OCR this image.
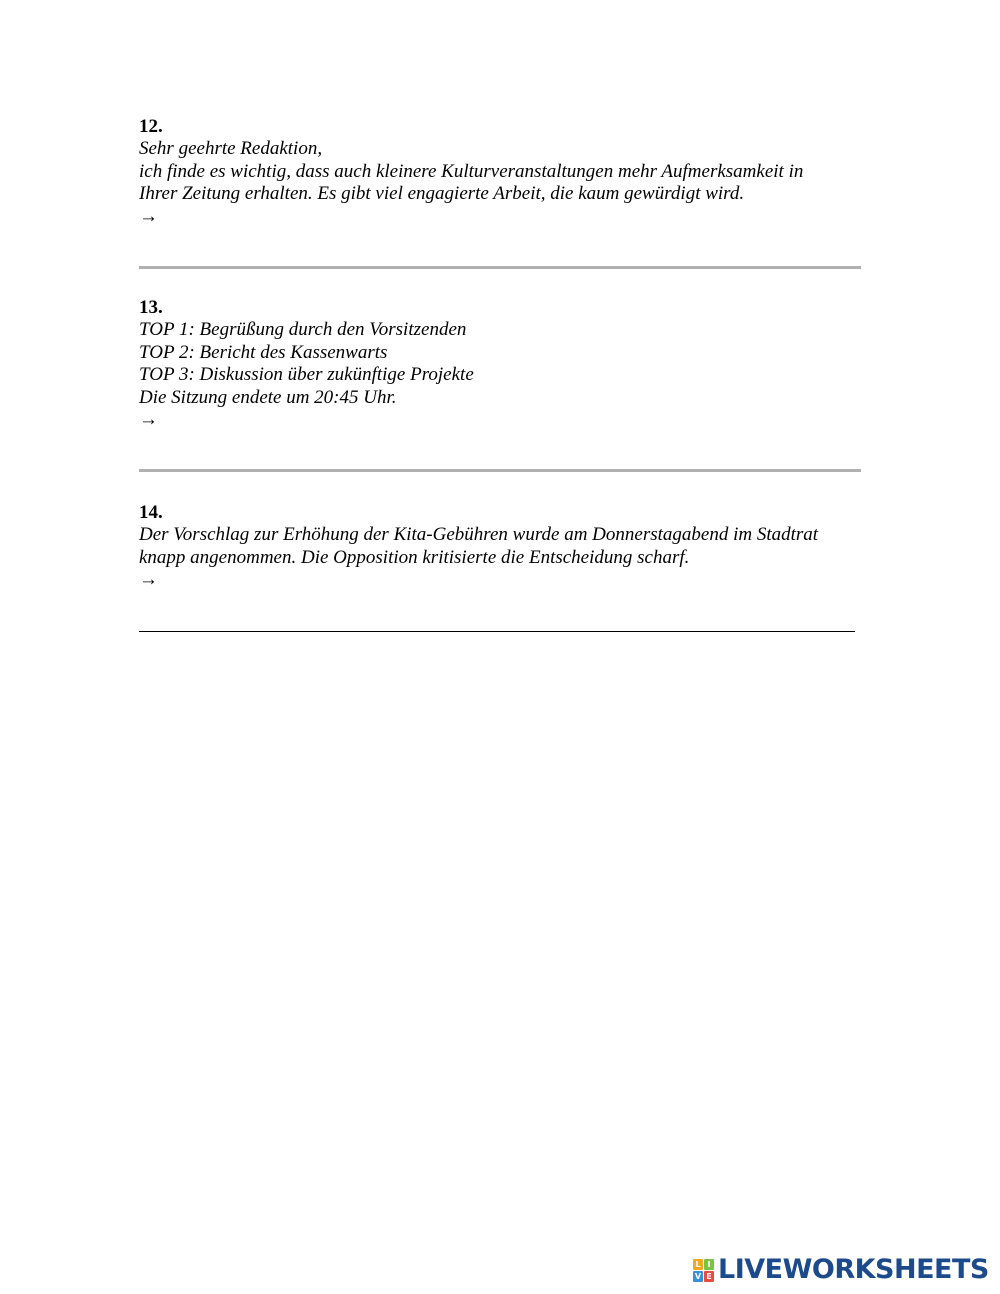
12.
Sehr geehrte Redaktion,
ich finde es wichtig, dass auch kleinere Kulturveranstaltungen mehr Aufmerksamkeit in
Ihrer Zeitung erhalten. Es gibt viel engagierte Arbeit, die kaum gewürdigt wird.
→
13.
TOP 1: Begrüßung durch den Vorsitzenden
TOP 2: Bericht des Kassenwarts
TOP 3: Diskussion über zukünftige Projekte
Die Sitzung endete um 20:45 Uhr.
→
14.
Der Vorschlag zur Erhöhung der Kita-Gebühren wurde am Donnerstagabend im Stadtrat
knapp angenommen. Die Opposition kritisierte die Entscheidung scharf.
→
L I
V E LIVEWORKSHEETS
